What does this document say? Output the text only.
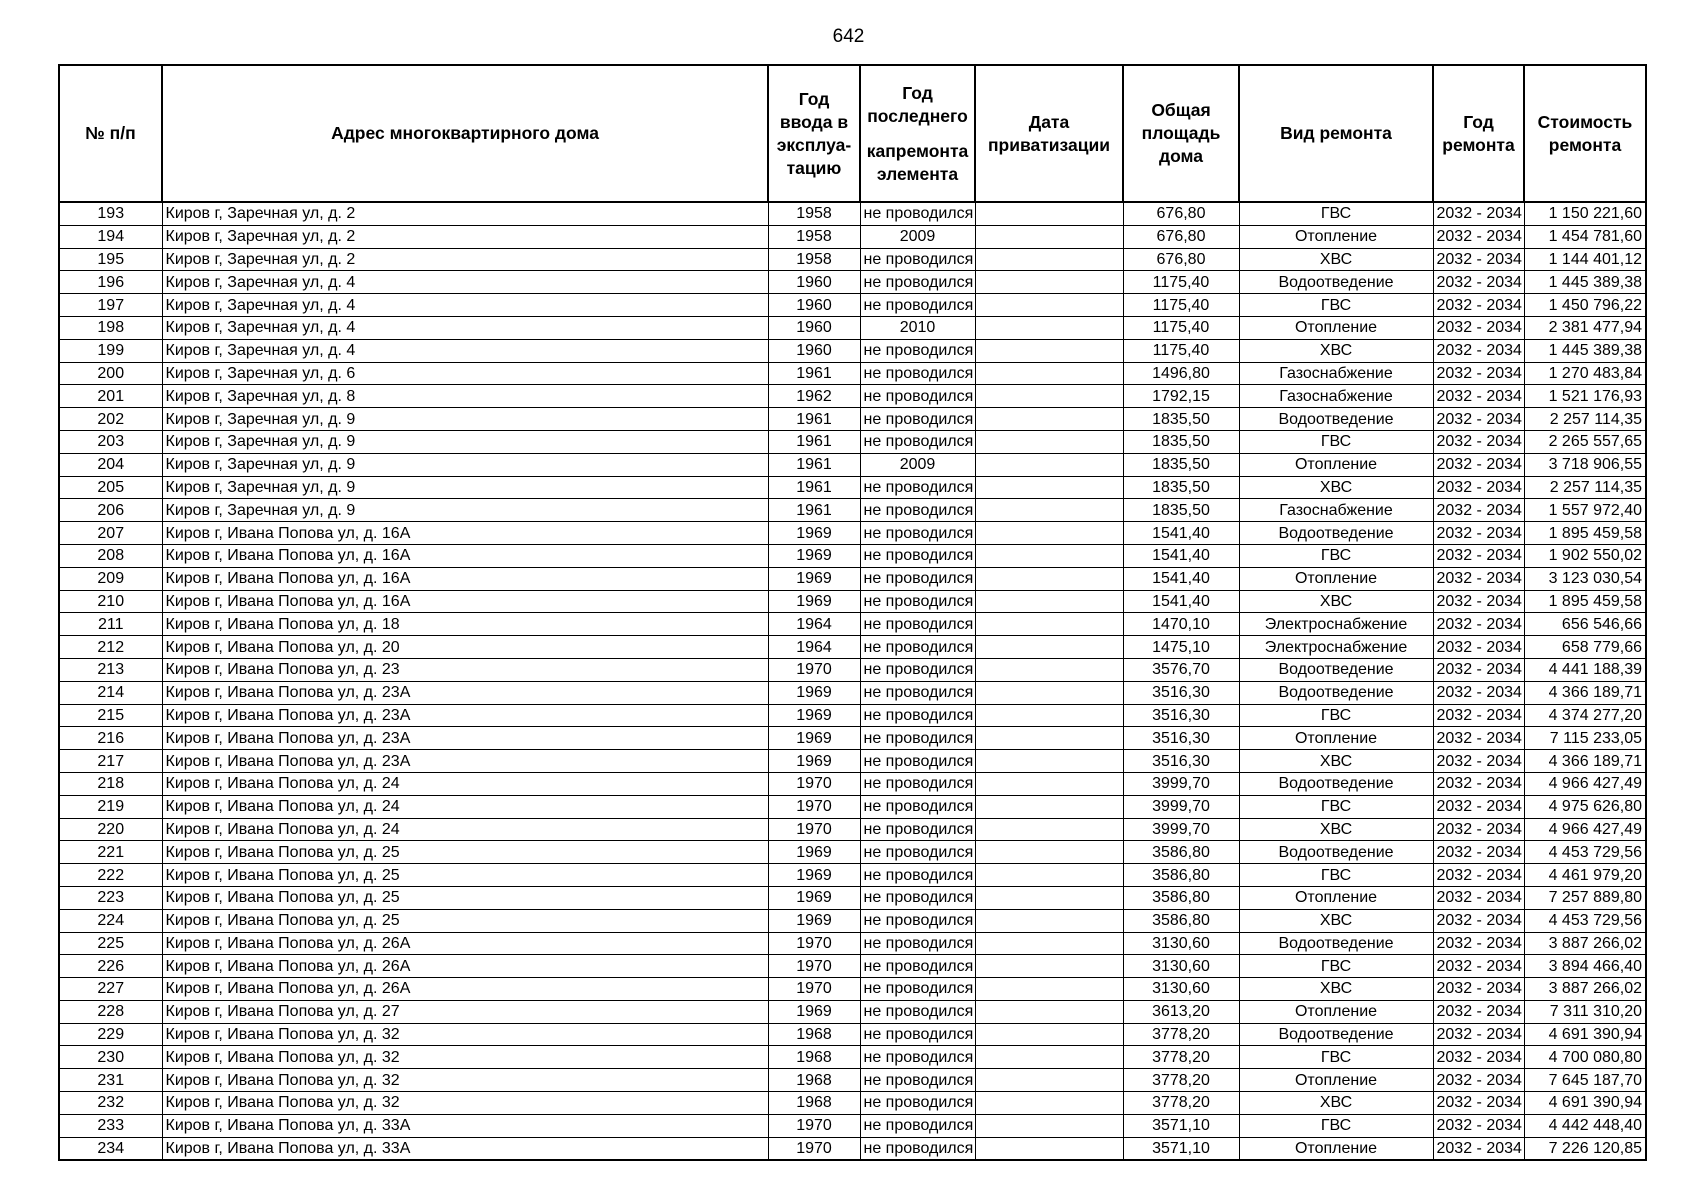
642
№ п/п	Адрес многоквартирного дома	Год ввода в эксплуа-тацию	Год последнего
капремонта элемента	Дата приватизации	Общая площадь дома	Вид ремонта	Год ремонта	Стоимость ремонта
193	Киров г, Заречная ул, д. 2	1958	не проводился		676,80	ГВС	2032 - 2034	1 150 221,60
194	Киров г, Заречная ул, д. 2	1958	2009		676,80	Отопление	2032 - 2034	1 454 781,60
195	Киров г, Заречная ул, д. 2	1958	не проводился		676,80	ХВС	2032 - 2034	1 144 401,12
196	Киров г, Заречная ул, д. 4	1960	не проводился		1175,40	Водоотведение	2032 - 2034	1 445 389,38
197	Киров г, Заречная ул, д. 4	1960	не проводился		1175,40	ГВС	2032 - 2034	1 450 796,22
198	Киров г, Заречная ул, д. 4	1960	2010		1175,40	Отопление	2032 - 2034	2 381 477,94
199	Киров г, Заречная ул, д. 4	1960	не проводился		1175,40	ХВС	2032 - 2034	1 445 389,38
200	Киров г, Заречная ул, д. 6	1961	не проводился		1496,80	Газоснабжение	2032 - 2034	1 270 483,84
201	Киров г, Заречная ул, д. 8	1962	не проводился		1792,15	Газоснабжение	2032 - 2034	1 521 176,93
202	Киров г, Заречная ул, д. 9	1961	не проводился		1835,50	Водоотведение	2032 - 2034	2 257 114,35
203	Киров г, Заречная ул, д. 9	1961	не проводился		1835,50	ГВС	2032 - 2034	2 265 557,65
204	Киров г, Заречная ул, д. 9	1961	2009		1835,50	Отопление	2032 - 2034	3 718 906,55
205	Киров г, Заречная ул, д. 9	1961	не проводился		1835,50	ХВС	2032 - 2034	2 257 114,35
206	Киров г, Заречная ул, д. 9	1961	не проводился		1835,50	Газоснабжение	2032 - 2034	1 557 972,40
207	Киров г, Ивана Попова ул, д. 16А	1969	не проводился		1541,40	Водоотведение	2032 - 2034	1 895 459,58
208	Киров г, Ивана Попова ул, д. 16А	1969	не проводился		1541,40	ГВС	2032 - 2034	1 902 550,02
209	Киров г, Ивана Попова ул, д. 16А	1969	не проводился		1541,40	Отопление	2032 - 2034	3 123 030,54
210	Киров г, Ивана Попова ул, д. 16А	1969	не проводился		1541,40	ХВС	2032 - 2034	1 895 459,58
211	Киров г, Ивана Попова ул, д. 18	1964	не проводился		1470,10	Электроснабжение	2032 - 2034	656 546,66
212	Киров г, Ивана Попова ул, д. 20	1964	не проводился		1475,10	Электроснабжение	2032 - 2034	658 779,66
213	Киров г, Ивана Попова ул, д. 23	1970	не проводился		3576,70	Водоотведение	2032 - 2034	4 441 188,39
214	Киров г, Ивана Попова ул, д. 23А	1969	не проводился		3516,30	Водоотведение	2032 - 2034	4 366 189,71
215	Киров г, Ивана Попова ул, д. 23А	1969	не проводился		3516,30	ГВС	2032 - 2034	4 374 277,20
216	Киров г, Ивана Попова ул, д. 23А	1969	не проводился		3516,30	Отопление	2032 - 2034	7 115 233,05
217	Киров г, Ивана Попова ул, д. 23А	1969	не проводился		3516,30	ХВС	2032 - 2034	4 366 189,71
218	Киров г, Ивана Попова ул, д. 24	1970	не проводился		3999,70	Водоотведение	2032 - 2034	4 966 427,49
219	Киров г, Ивана Попова ул, д. 24	1970	не проводился		3999,70	ГВС	2032 - 2034	4 975 626,80
220	Киров г, Ивана Попова ул, д. 24	1970	не проводился		3999,70	ХВС	2032 - 2034	4 966 427,49
221	Киров г, Ивана Попова ул, д. 25	1969	не проводился		3586,80	Водоотведение	2032 - 2034	4 453 729,56
222	Киров г, Ивана Попова ул, д. 25	1969	не проводился		3586,80	ГВС	2032 - 2034	4 461 979,20
223	Киров г, Ивана Попова ул, д. 25	1969	не проводился		3586,80	Отопление	2032 - 2034	7 257 889,80
224	Киров г, Ивана Попова ул, д. 25	1969	не проводился		3586,80	ХВС	2032 - 2034	4 453 729,56
225	Киров г, Ивана Попова ул, д. 26А	1970	не проводился		3130,60	Водоотведение	2032 - 2034	3 887 266,02
226	Киров г, Ивана Попова ул, д. 26А	1970	не проводился		3130,60	ГВС	2032 - 2034	3 894 466,40
227	Киров г, Ивана Попова ул, д. 26А	1970	не проводился		3130,60	ХВС	2032 - 2034	3 887 266,02
228	Киров г, Ивана Попова ул, д. 27	1969	не проводился		3613,20	Отопление	2032 - 2034	7 311 310,20
229	Киров г, Ивана Попова ул, д. 32	1968	не проводился		3778,20	Водоотведение	2032 - 2034	4 691 390,94
230	Киров г, Ивана Попова ул, д. 32	1968	не проводился		3778,20	ГВС	2032 - 2034	4 700 080,80
231	Киров г, Ивана Попова ул, д. 32	1968	не проводился		3778,20	Отопление	2032 - 2034	7 645 187,70
232	Киров г, Ивана Попова ул, д. 32	1968	не проводился		3778,20	ХВС	2032 - 2034	4 691 390,94
233	Киров г, Ивана Попова ул, д. 33А	1970	не проводился		3571,10	ГВС	2032 - 2034	4 442 448,40
234	Киров г, Ивана Попова ул, д. 33А	1970	не проводился		3571,10	Отопление	2032 - 2034	7 226 120,85
